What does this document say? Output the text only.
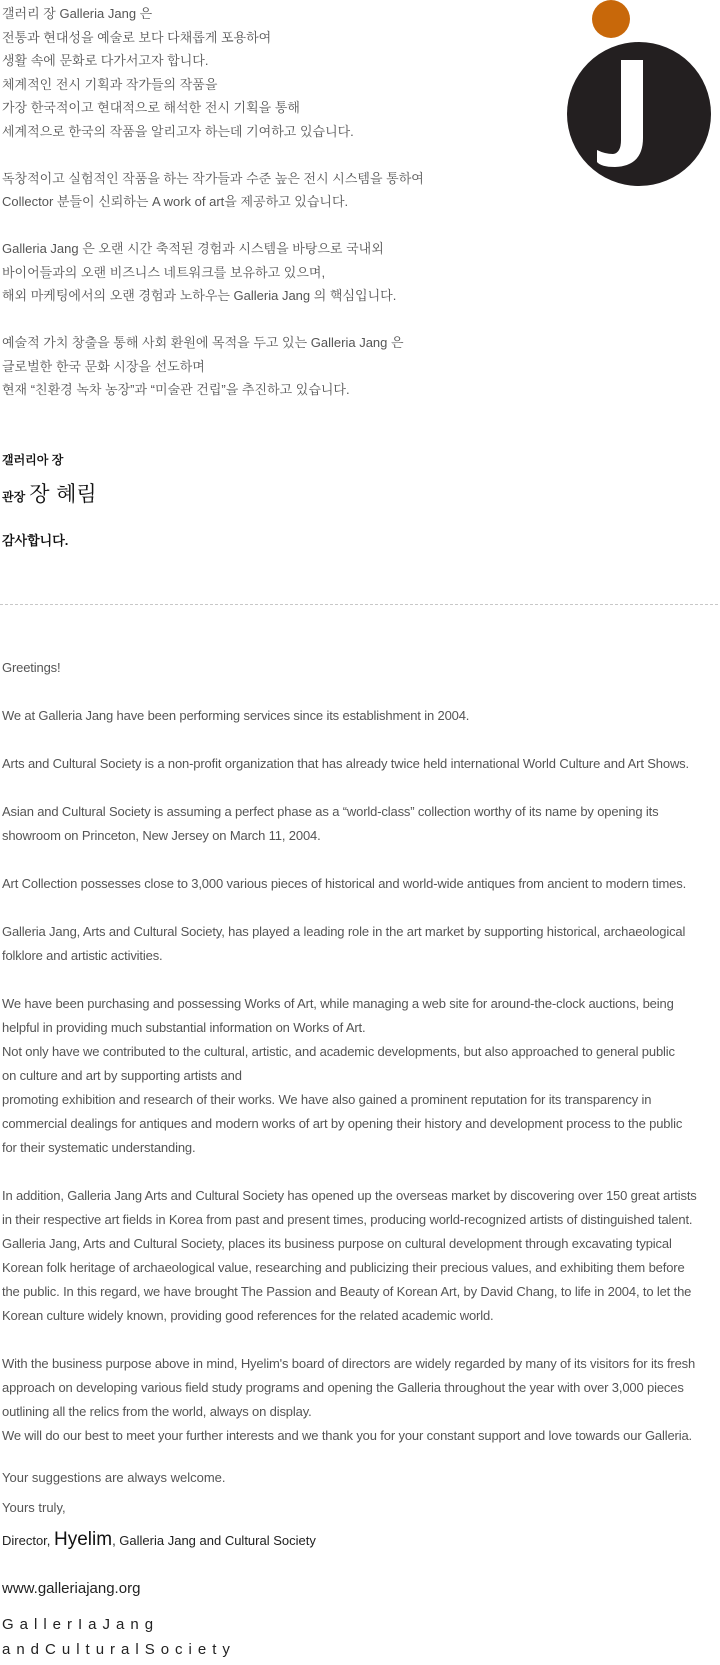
갤러리 장 Galleria Jang 은
전통과 현대성을 예술로 보다 다채롭게 포용하여
생활 속에 문화로 다가서고자 합니다.
체계적인 전시 기획과 작가들의 작품을
가장 한국적이고 현대적으로 해석한 전시 기획을 통해
세계적으로 한국의 작품을 알리고자 하는데 기여하고 있습니다.

독창적이고 실험적인 작품을 하는 작가들과 수준 높은 전시 시스템을 통하여
Collector 분들이 신뢰하는 A work of art을 제공하고 있습니다.

Galleria Jang 은 오랜 시간 축적된 경험과 시스템을 바탕으로 국내외
바이어들과의 오랜 비즈니스 네트워크를 보유하고 있으며,
해외 마케팅에서의 오랜 경험과 노하우는 Galleria Jang 의 핵심입니다.

예술적 가치 창출을 통해 사회 환원에 목적을 두고 있는 Galleria Jang 은
글로벌한 한국 문화 시장을 선도하며
현재 “친환경 녹차 농장”과 “미술관 건립”을 추진하고 있습니다.

갤러리아 장
관장 장 혜림
감사합니다.

Greetings!

We at Galleria Jang have been performing services since its establishment in 2004.

Arts and Cultural Society is a non-profit organization that has already twice held international World Culture and Art Shows.

Asian and Cultural Society is assuming a perfect phase as a “world-class” collection worthy of its name by opening its
showroom on Princeton, New Jersey on March 11, 2004.

Art Collection possesses close to 3,000 various pieces of historical and world-wide antiques from ancient to modern times.

Galleria Jang, Arts and Cultural Society, has played a leading role in the art market by supporting historical, archaeological
folklore and artistic activities.

We have been purchasing and possessing Works of Art, while managing a web site for around-the-clock auctions, being
helpful in providing much substantial information on Works of Art.
Not only have we contributed to the cultural, artistic, and academic developments, but also approached to general public
on culture and art by supporting artists and
promoting exhibition and research of their works. We have also gained a prominent reputation for its transparency in
commercial dealings for antiques and modern works of art by opening their history and development process to the public
for their systematic understanding.

In addition, Galleria Jang Arts and Cultural Society has opened up the overseas market by discovering over 150 great artists
in their respective art fields in Korea from past and present times, producing world-recognized artists of distinguished talent.
Galleria Jang, Arts and Cultural Society, places its business purpose on cultural development through excavating typical
Korean folk heritage of archaeological value, researching and publicizing their precious values, and exhibiting them before
the public. In this regard, we have brought The Passion and Beauty of Korean Art, by David Chang, to life in 2004, to let the
Korean culture widely known, providing good references for the related academic world.

With the business purpose above in mind, Hyelim's board of directors are widely regarded by many of its visitors for its fresh
approach on developing various field study programs and opening the Galleria throughout the year with over 3,000 pieces
outlining all the relics from the world, always on display.
We will do our best to meet your further interests and we thank you for your constant support and love towards our Galleria.

Your suggestions are always welcome.
Yours truly,
Director, Hyelim, Galleria Jang and Cultural Society
www.galleriajang.org
GallerIaJang
andCulturalSociety
